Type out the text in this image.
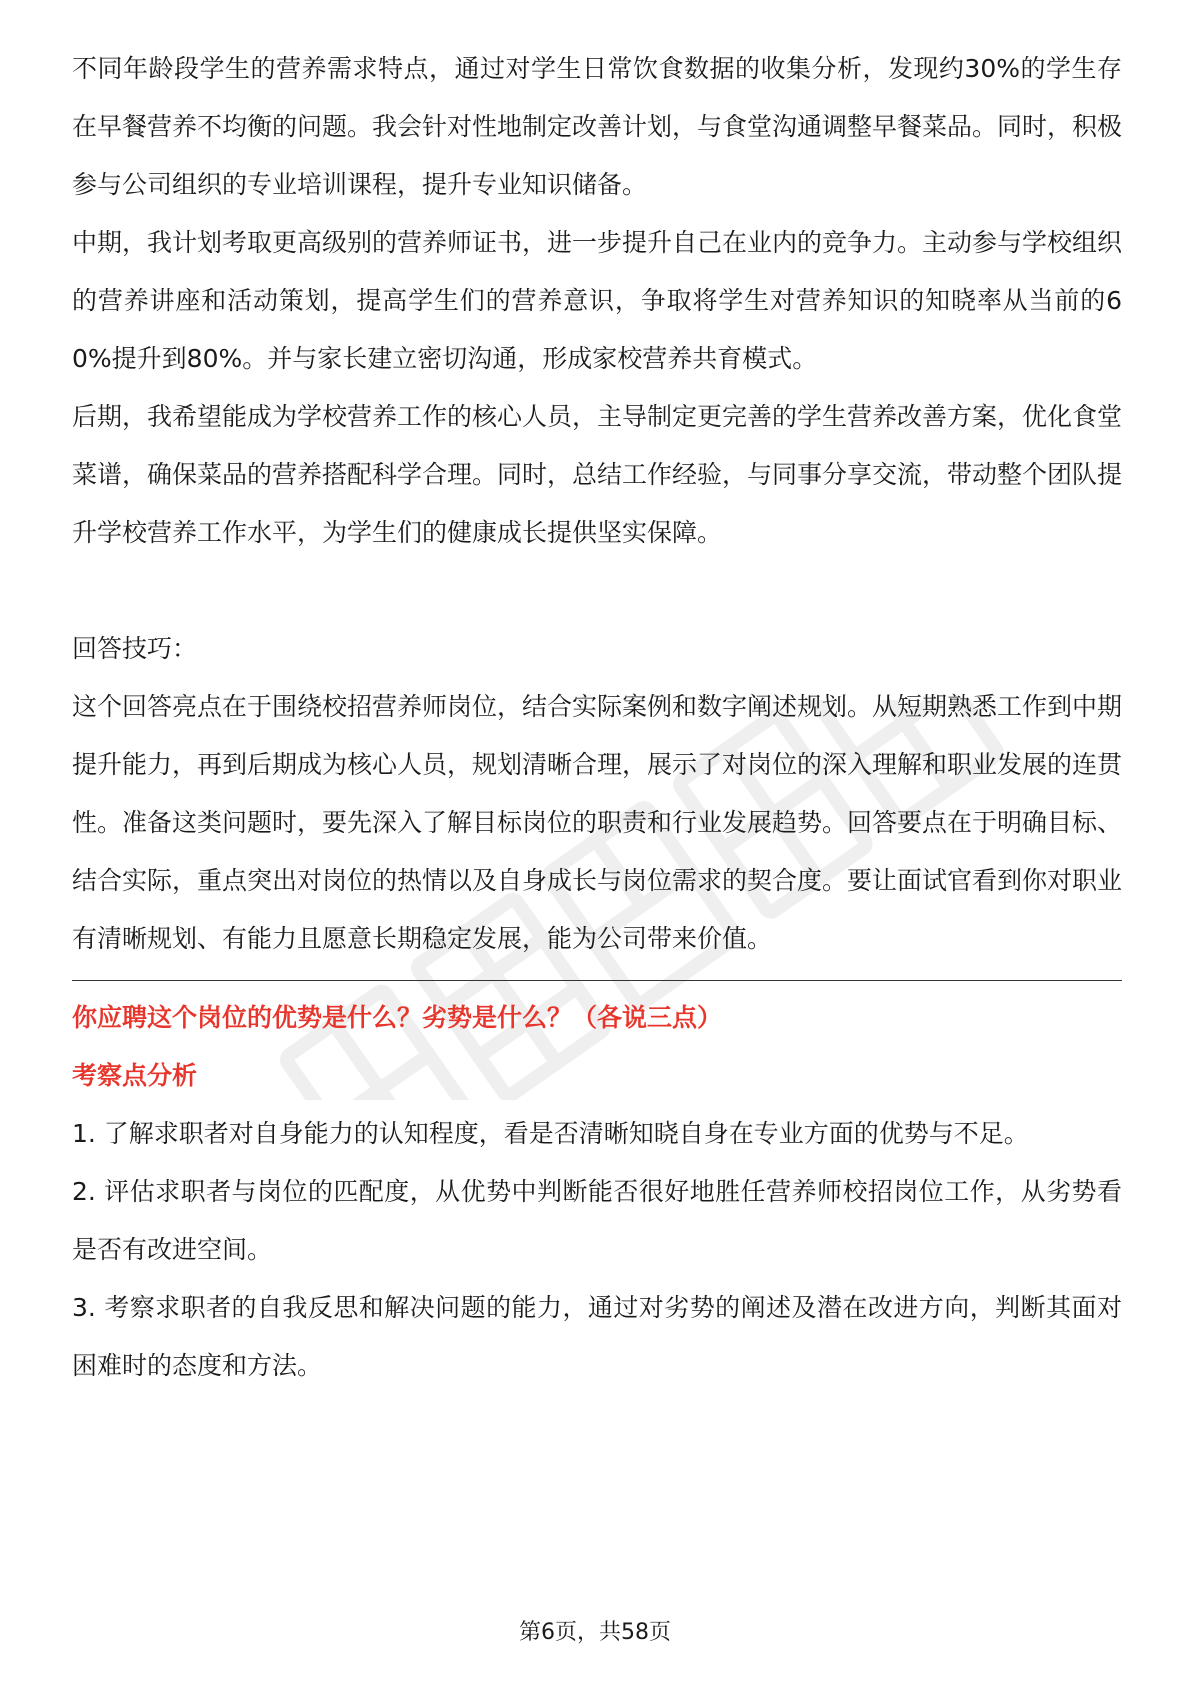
不同年龄段学生的营养需求特点，通过对学生日常饮食数据的收集分析，发现约30%的学生存在早餐营养不均衡的问题。我会针对性地制定改善计划，与食堂沟通调整早餐菜品。同时，积极参与公司组织的专业培训课程，提升专业知识储备。

中期，我计划考取更高级别的营养师证书，进一步提升自己在业内的竞争力。主动参与学校组织的营养讲座和活动策划，提高学生们的营养意识，争取将学生对营养知识的知晓率从当前的60%提升到80%。并与家长建立密切沟通，形成家校营养共育模式。

后期，我希望能成为学校营养工作的核心人员，主导制定更完善的学生营养改善方案，优化食堂菜谱，确保菜品的营养搭配科学合理。同时，总结工作经验，与同事分享交流，带动整个团队提升学校营养工作水平，为学生们的健康成长提供坚实保障。

回答技巧：

这个回答亮点在于围绕校招营养师岗位，结合实际案例和数字阐述规划。从短期熟悉工作到中期提升能力，再到后期成为核心人员，规划清晰合理，展示了对岗位的深入理解和职业发展的连贯性。准备这类问题时，要先深入了解目标岗位的职责和行业发展趋势。回答要点在于明确目标、结合实际，重点突出对岗位的热情以及自身成长与岗位需求的契合度。要让面试官看到你对职业有清晰规划、有能力且愿意长期稳定发展，能为公司带来价值。

你应聘这个岗位的优势是什么？劣势是什么？（各说三点）

考察点分析

1. 了解求职者对自身能力的认知程度，看是否清晰知晓自身在专业方面的优势与不足。

2. 评估求职者与岗位的匹配度，从优势中判断能否很好地胜任营养师校招岗位工作，从劣势看是否有改进空间。

3. 考察求职者的自我反思和解决问题的能力，通过对劣势的阐述及潜在改进方向，判断其面对困难时的态度和方法。

第6页，共58页
